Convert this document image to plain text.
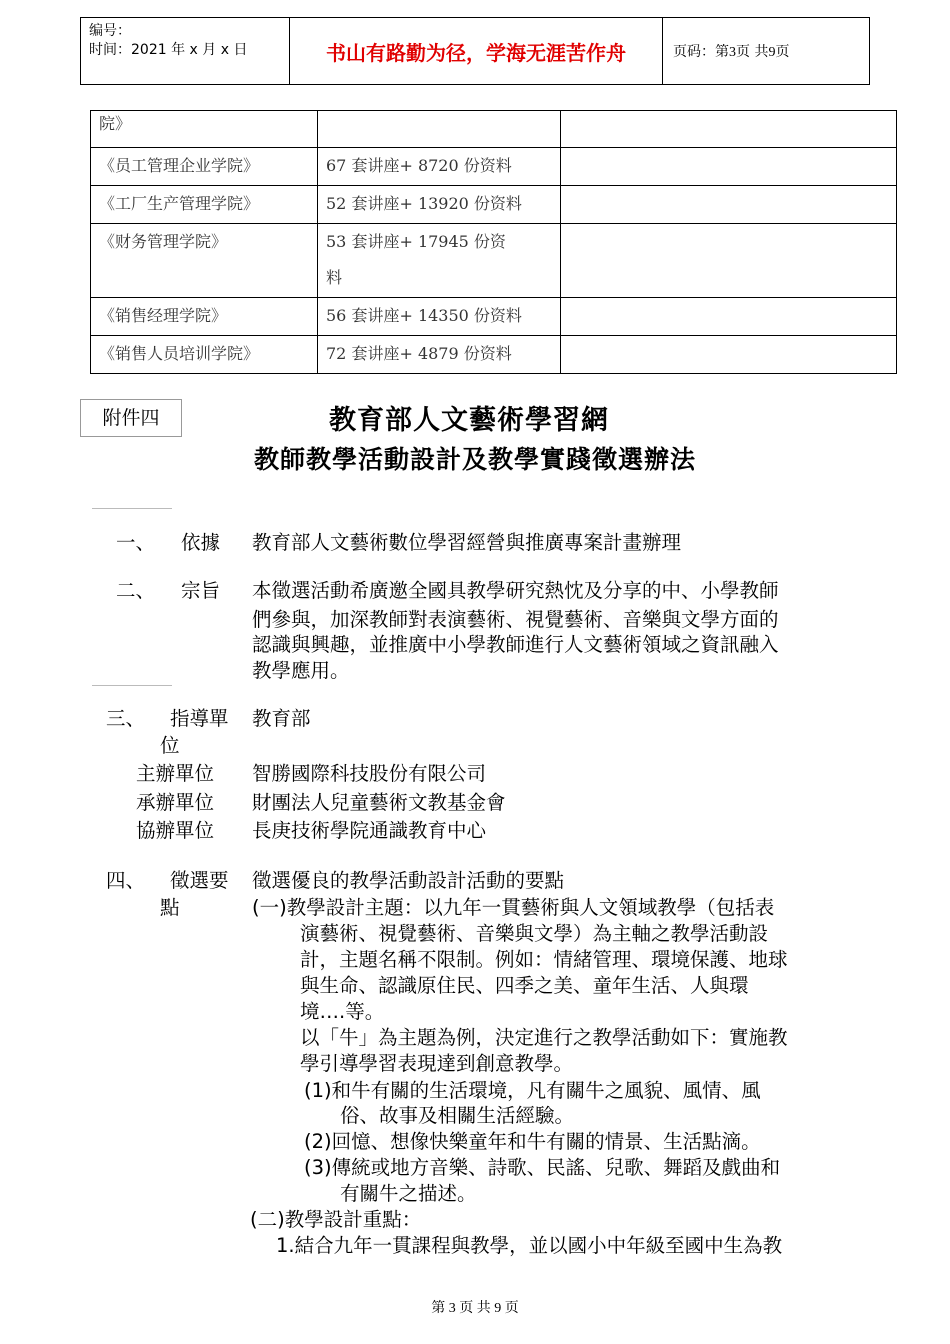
编号：
时间：2021 年 x 月 x 日	书山有路勤为径，学海无涯苦作舟	页码：第3页 共9页
院》		
《员工管理企业学院》	67 套讲座+ 8720 份资料	
《工厂生产管理学院》	52 套讲座+ 13920 份资料	
《财务管理学院》	53 套讲座+ 17945 份资
料	
《销售经理学院》	56 套讲座+ 14350 份资料	
《销售人员培训学院》	72 套讲座+ 4879 份资料	
附件四	教育部人文藝術學習網
教師教學活動設計及教學實踐徵選辦法
一、 依據 教育部人文藝術數位學習經營與推廣專案計畫辦理
二、 宗旨 本徵選活動希廣邀全國具教學研究熱忱及分享的中、小學教師
們參與，加深教師對表演藝術、視覺藝術、音樂與文學方面的
認識與興趣，並推廣中小學教師進行人文藝術領域之資訊融入
教學應用。
三、 指導單
位
教育部
主辦單位 智勝國際科技股份有限公司
承辦單位 財團法人兒童藝術文教基金會
協辦單位 長庚技術學院通識教育中心
四、 徵選要
點
徵選優良的教學活動設計活動的要點
(一)教學設計主題：以九年一貫藝術與人文領域教學（包括表
演藝術、視覺藝術、音樂與文學）為主軸之教學活動設
計，主題名稱不限制。例如：情緒管理、環境保護、地球
與生命、認識原住民、四季之美、童年生活、人與環
境….等。
以「牛」為主題為例，決定進行之教學活動如下：實施教
學引導學習表現達到創意教學。
(1)和牛有關的生活環境，凡有關牛之風貌、風情、風
俗、故事及相關生活經驗。
(2)回憶、想像快樂童年和牛有關的情景、生活點滴。
(3)傳統或地方音樂、詩歌、民謠、兒歌、舞蹈及戲曲和
有關牛之描述。
(二)教學設計重點：
1.結合九年一貫課程與教學，並以國小中年級至國中生為教
第 3 页 共 9 页
